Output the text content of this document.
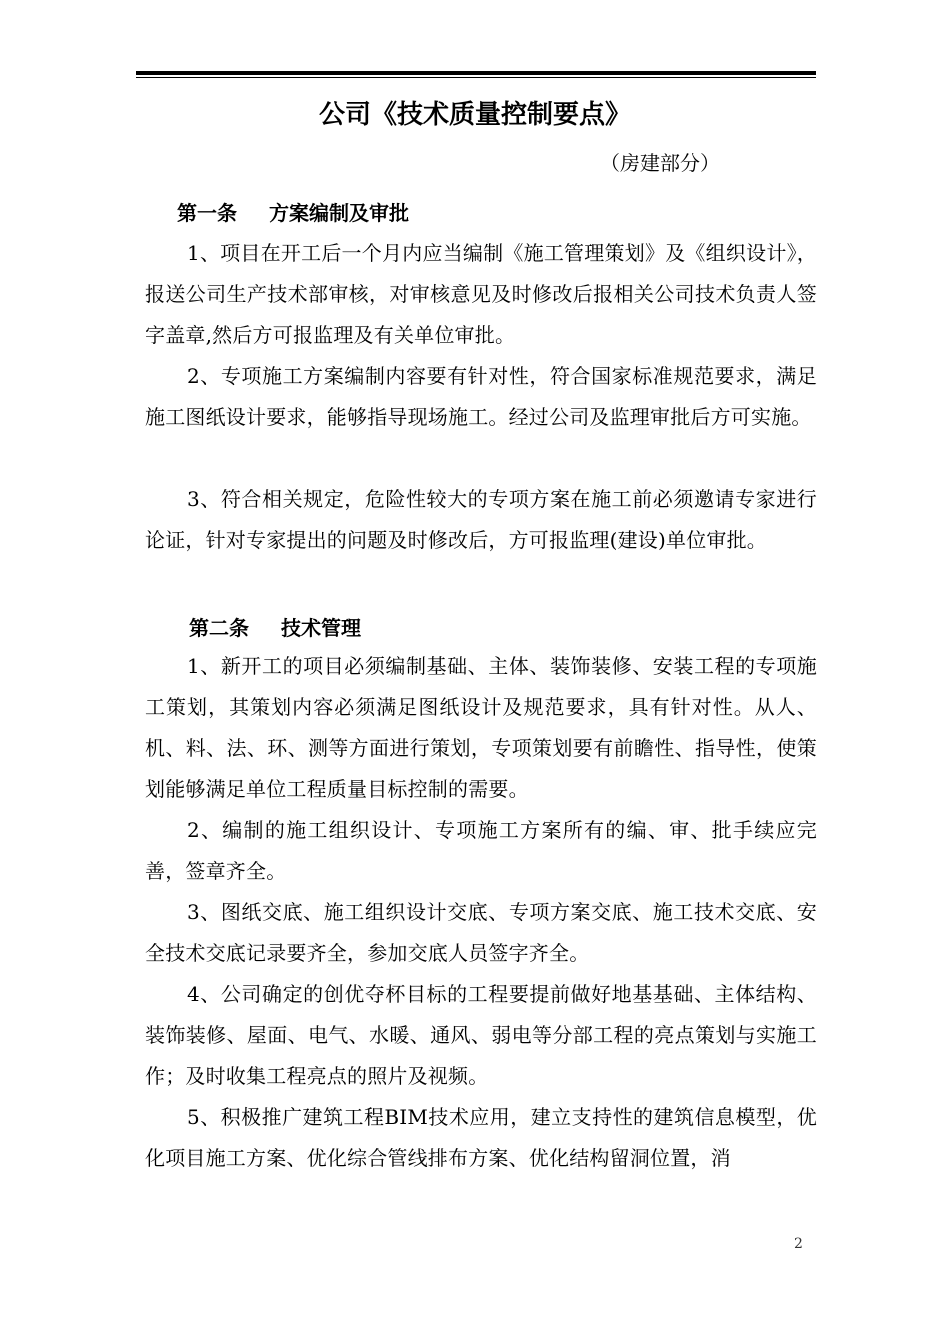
公司《技术质量控制要点》
（房建部分）
第一条 方案编制及审批
1、项目在开工后一个月内应当编制《施工管理策划》及《组织设计》，报送公司生产技术部审核，对审核意见及时修改后报相关公司技术负责人签字盖章,然后方可报监理及有关单位审批。
2、专项施工方案编制内容要有针对性，符合国家标准规范要求，满足施工图纸设计要求，能够指导现场施工。经过公司及监理审批后方可实施。
3、符合相关规定，危险性较大的专项方案在施工前必须邀请专家进行论证，针对专家提出的问题及时修改后，方可报监理(建设)单位审批。
第二条 技术管理
1、新开工的项目必须编制基础、主体、装饰装修、安装工程的专项施工策划，其策划内容必须满足图纸设计及规范要求，具有针对性。从人、机、料、法、环、测等方面进行策划，专项策划要有前瞻性、指导性，使策划能够满足单位工程质量目标控制的需要。
2、编制的施工组织设计、专项施工方案所有的编、审、批手续应完善，签章齐全。
3、图纸交底、施工组织设计交底、专项方案交底、施工技术交底、安全技术交底记录要齐全，参加交底人员签字齐全。
4、公司确定的创优夺杯目标的工程要提前做好地基基础、主体结构、装饰装修、屋面、电气、水暖、通风、弱电等分部工程的亮点策划与实施工作；及时收集工程亮点的照片及视频。
5、积极推广建筑工程BIM技术应用，建立支持性的建筑信息模型，优化项目施工方案、优化综合管线排布方案、优化结构留洞位置，消
2
